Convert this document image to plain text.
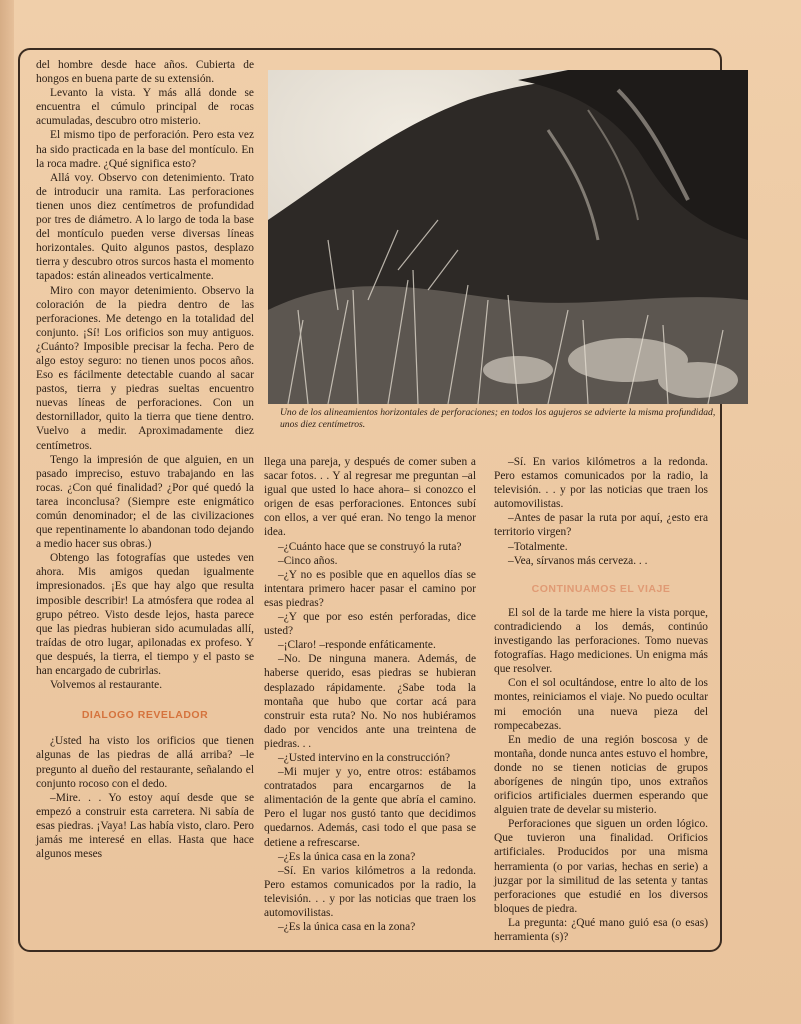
Uno de los alineamientos horizontales de perforaciones; en todos los agujeros se advierte la misma profundidad, unos diez centímetros.

del hombre desde hace años. Cubierta de hongos en buena parte de su extensión.

Levanto la vista. Y más allá donde se encuentra el cúmulo principal de rocas acumuladas, descubro otro misterio.

El mismo tipo de perforación. Pero esta vez ha sido practicada en la base del montículo. En la roca madre. ¿Qué significa esto?

Allá voy. Observo con detenimiento. Trato de introducir una ramita. Las perforaciones tienen unos diez centímetros de profundidad por tres de diámetro. A lo largo de toda la base del montículo pueden verse diversas líneas horizontales. Quito algunos pastos, desplazo tierra y descubro otros surcos hasta el momento tapados: están alineados verticalmente.

Miro con mayor detenimiento. Observo la coloración de la piedra dentro de las perforaciones. Me detengo en la totalidad del conjunto. ¡Sí! Los orificios son muy antiguos. ¿Cuánto? Imposible precisar la fecha. Pero de algo estoy seguro: no tienen unos pocos años. Eso es fácilmente detectable cuando al sacar pastos, tierra y piedras sueltas encuentro nuevas líneas de perforaciones. Con un destornillador, quito la tierra que tiene dentro. Vuelvo a medir. Aproximadamente diez centímetros.

Tengo la impresión de que alguien, en un pasado impreciso, estuvo trabajando en las rocas. ¿Con qué finalidad? ¿Por qué quedó la tarea inconclusa? (Siempre este enigmático común denominador; el de las civilizaciones que repentinamente lo abandonan todo dejando a medio hacer sus obras.)

Obtengo las fotografías que ustedes ven ahora. Mis amigos quedan igualmente impresionados. ¡Es que hay algo que resulta imposible describir! La atmósfera que rodea al grupo pétreo. Visto desde lejos, hasta parece que las piedras hubieran sido acumuladas allí, traídas de otro lugar, apilonadas ex profeso. Y que después, la tierra, el tiempo y el pasto se han encargado de cubrirlas.

Volvemos al restaurante.

DIALOGO REVELADOR

¿Usted ha visto los orificios que tienen algunas de las piedras de allá arriba? –le pregunto al dueño del restaurante, señalando el conjunto rocoso con el dedo.

–Mire. . . Yo estoy aquí desde que se empezó a construir esta carretera. Ni sabía de esas piedras. ¡Vaya! Las había visto, claro. Pero jamás me interesé en ellas. Hasta que hace algunos meses

llega una pareja, y después de comer suben a sacar fotos. . . Y al regresar me preguntan –al igual que usted lo hace ahora– si conozco el origen de esas perforaciones. Entonces subí con ellos, a ver qué eran. No tengo la menor idea.

–¿Cuánto hace que se construyó la ruta?

–Cinco años.

–¿Y no es posible que en aquellos días se intentara primero hacer pasar el camino por esas piedras?

–¿Y que por eso estén perforadas, dice usted?

–¡Claro! –responde enfáticamente.

–No. De ninguna manera. Además, de haberse querido, esas piedras se hubieran desplazado rápidamente. ¿Sabe toda la montaña que hubo que cortar acá para construir esta ruta? No. No nos hubiéramos dado por vencidos ante una treintena de piedras. . .

–¿Usted intervino en la construcción?

–Mi mujer y yo, entre otros: estábamos contratados para encargarnos de la alimentación de la gente que abría el camino. Pero el lugar nos gustó tanto que decidimos quedarnos. Además, casi todo el que pasa se detiene a refrescarse.

–¿Es la única casa en la zona?

–Sí. En varios kilómetros a la redonda. Pero estamos comunicados por la radio, la televisión. . . y por las noticias que traen los automovilistas.

–¿Es la única casa en la zona?

–Sí. En varios kilómetros a la redonda. Pero estamos comunicados por la radio, la televisión. . . y por las noticias que traen los automovilistas.

–Antes de pasar la ruta por aquí, ¿esto era territorio virgen?

–Totalmente.

–Vea, sírvanos más cerveza. . .

CONTINUAMOS EL VIAJE

El sol de la tarde me hiere la vista porque, contradiciendo a los demás, continúo investigando las perforaciones. Tomo nuevas fotografías. Hago mediciones. Un enigma más que resolver.

Con el sol ocultándose, entre lo alto de los montes, reiniciamos el viaje. No puedo ocultar mi emoción una nueva pieza del rompecabezas.

En medio de una región boscosa y de montaña, donde nunca antes estuvo el hombre, donde no se tienen noticias de grupos aborígenes de ningún tipo, unos extraños orificios artificiales duermen esperando que alguien trate de develar su misterio.

Perforaciones que siguen un orden lógico. Que tuvieron una finalidad. Orificios artificiales. Producidos por una misma herramienta (o por varias, hechas en serie) a juzgar por la similitud de las setenta y tantas perforaciones que estudié en los diversos bloques de piedra.

La pregunta: ¿Qué mano guió esa (o esas) herramienta (s)?
